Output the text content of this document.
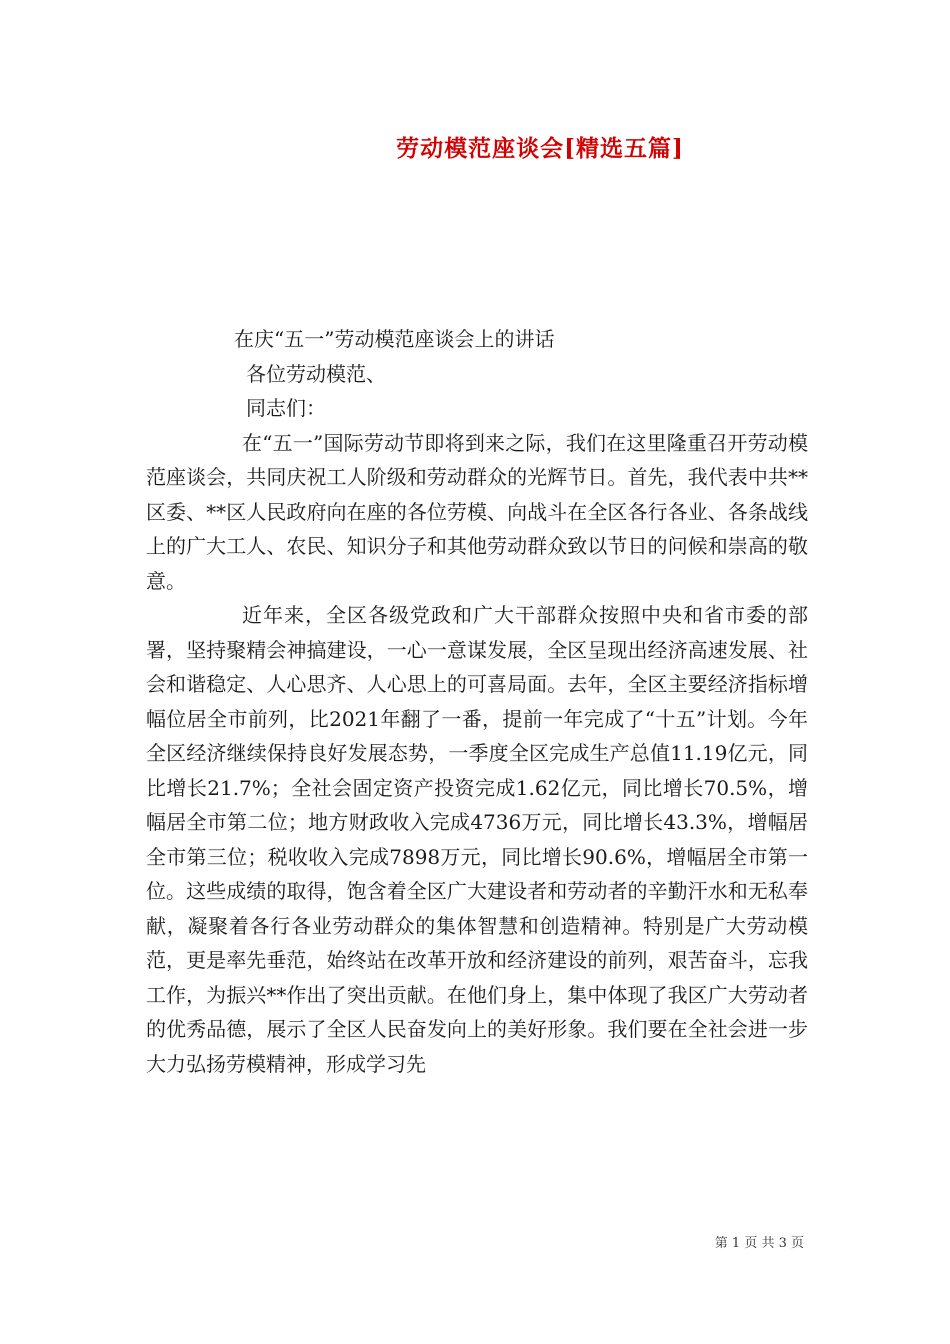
劳动模范座谈会[精选五篇]

在庆“五一”劳动模范座谈会上的讲话

各位劳动模范、

同志们：

在“五一”国际劳动节即将到来之际，我们在这里隆重召开劳动模范座谈会，共同庆祝工人阶级和劳动群众的光辉节日。首先，我代表中共**区委、**区人民政府向在座的各位劳模、向战斗在全区各行各业、各条战线上的广大工人、农民、知识分子和其他劳动群众致以节日的问候和崇高的敬意。

近年来，全区各级党政和广大干部群众按照中央和省市委的部署，坚持聚精会神搞建设，一心一意谋发展，全区呈现出经济高速发展、社会和谐稳定、人心思齐、人心思上的可喜局面。去年，全区主要经济指标增幅位居全市前列，比2021年翻了一番，提前一年完成了“十五”计划。今年全区经济继续保持良好发展态势，一季度全区完成生产总值11.19亿元，同比增长21.7%；全社会固定资产投资完成1.62亿元，同比增长70.5%，增幅居全市第二位；地方财政收入完成4736万元，同比增长43.3%，增幅居全市第三位；税收收入完成7898万元，同比增长90.6%，增幅居全市第一位。这些成绩的取得，饱含着全区广大建设者和劳动者的辛勤汗水和无私奉献，凝聚着各行各业劳动群众的集体智慧和创造精神。特别是广大劳动模范，更是率先垂范，始终站在改革开放和经济建设的前列，艰苦奋斗，忘我工作，为振兴**作出了突出贡献。在他们身上，集中体现了我区广大劳动者的优秀品德，展示了全区人民奋发向上的美好形象。我们要在全社会进一步大力弘扬劳模精神，形成学习先

第 1 页 共 3 页
